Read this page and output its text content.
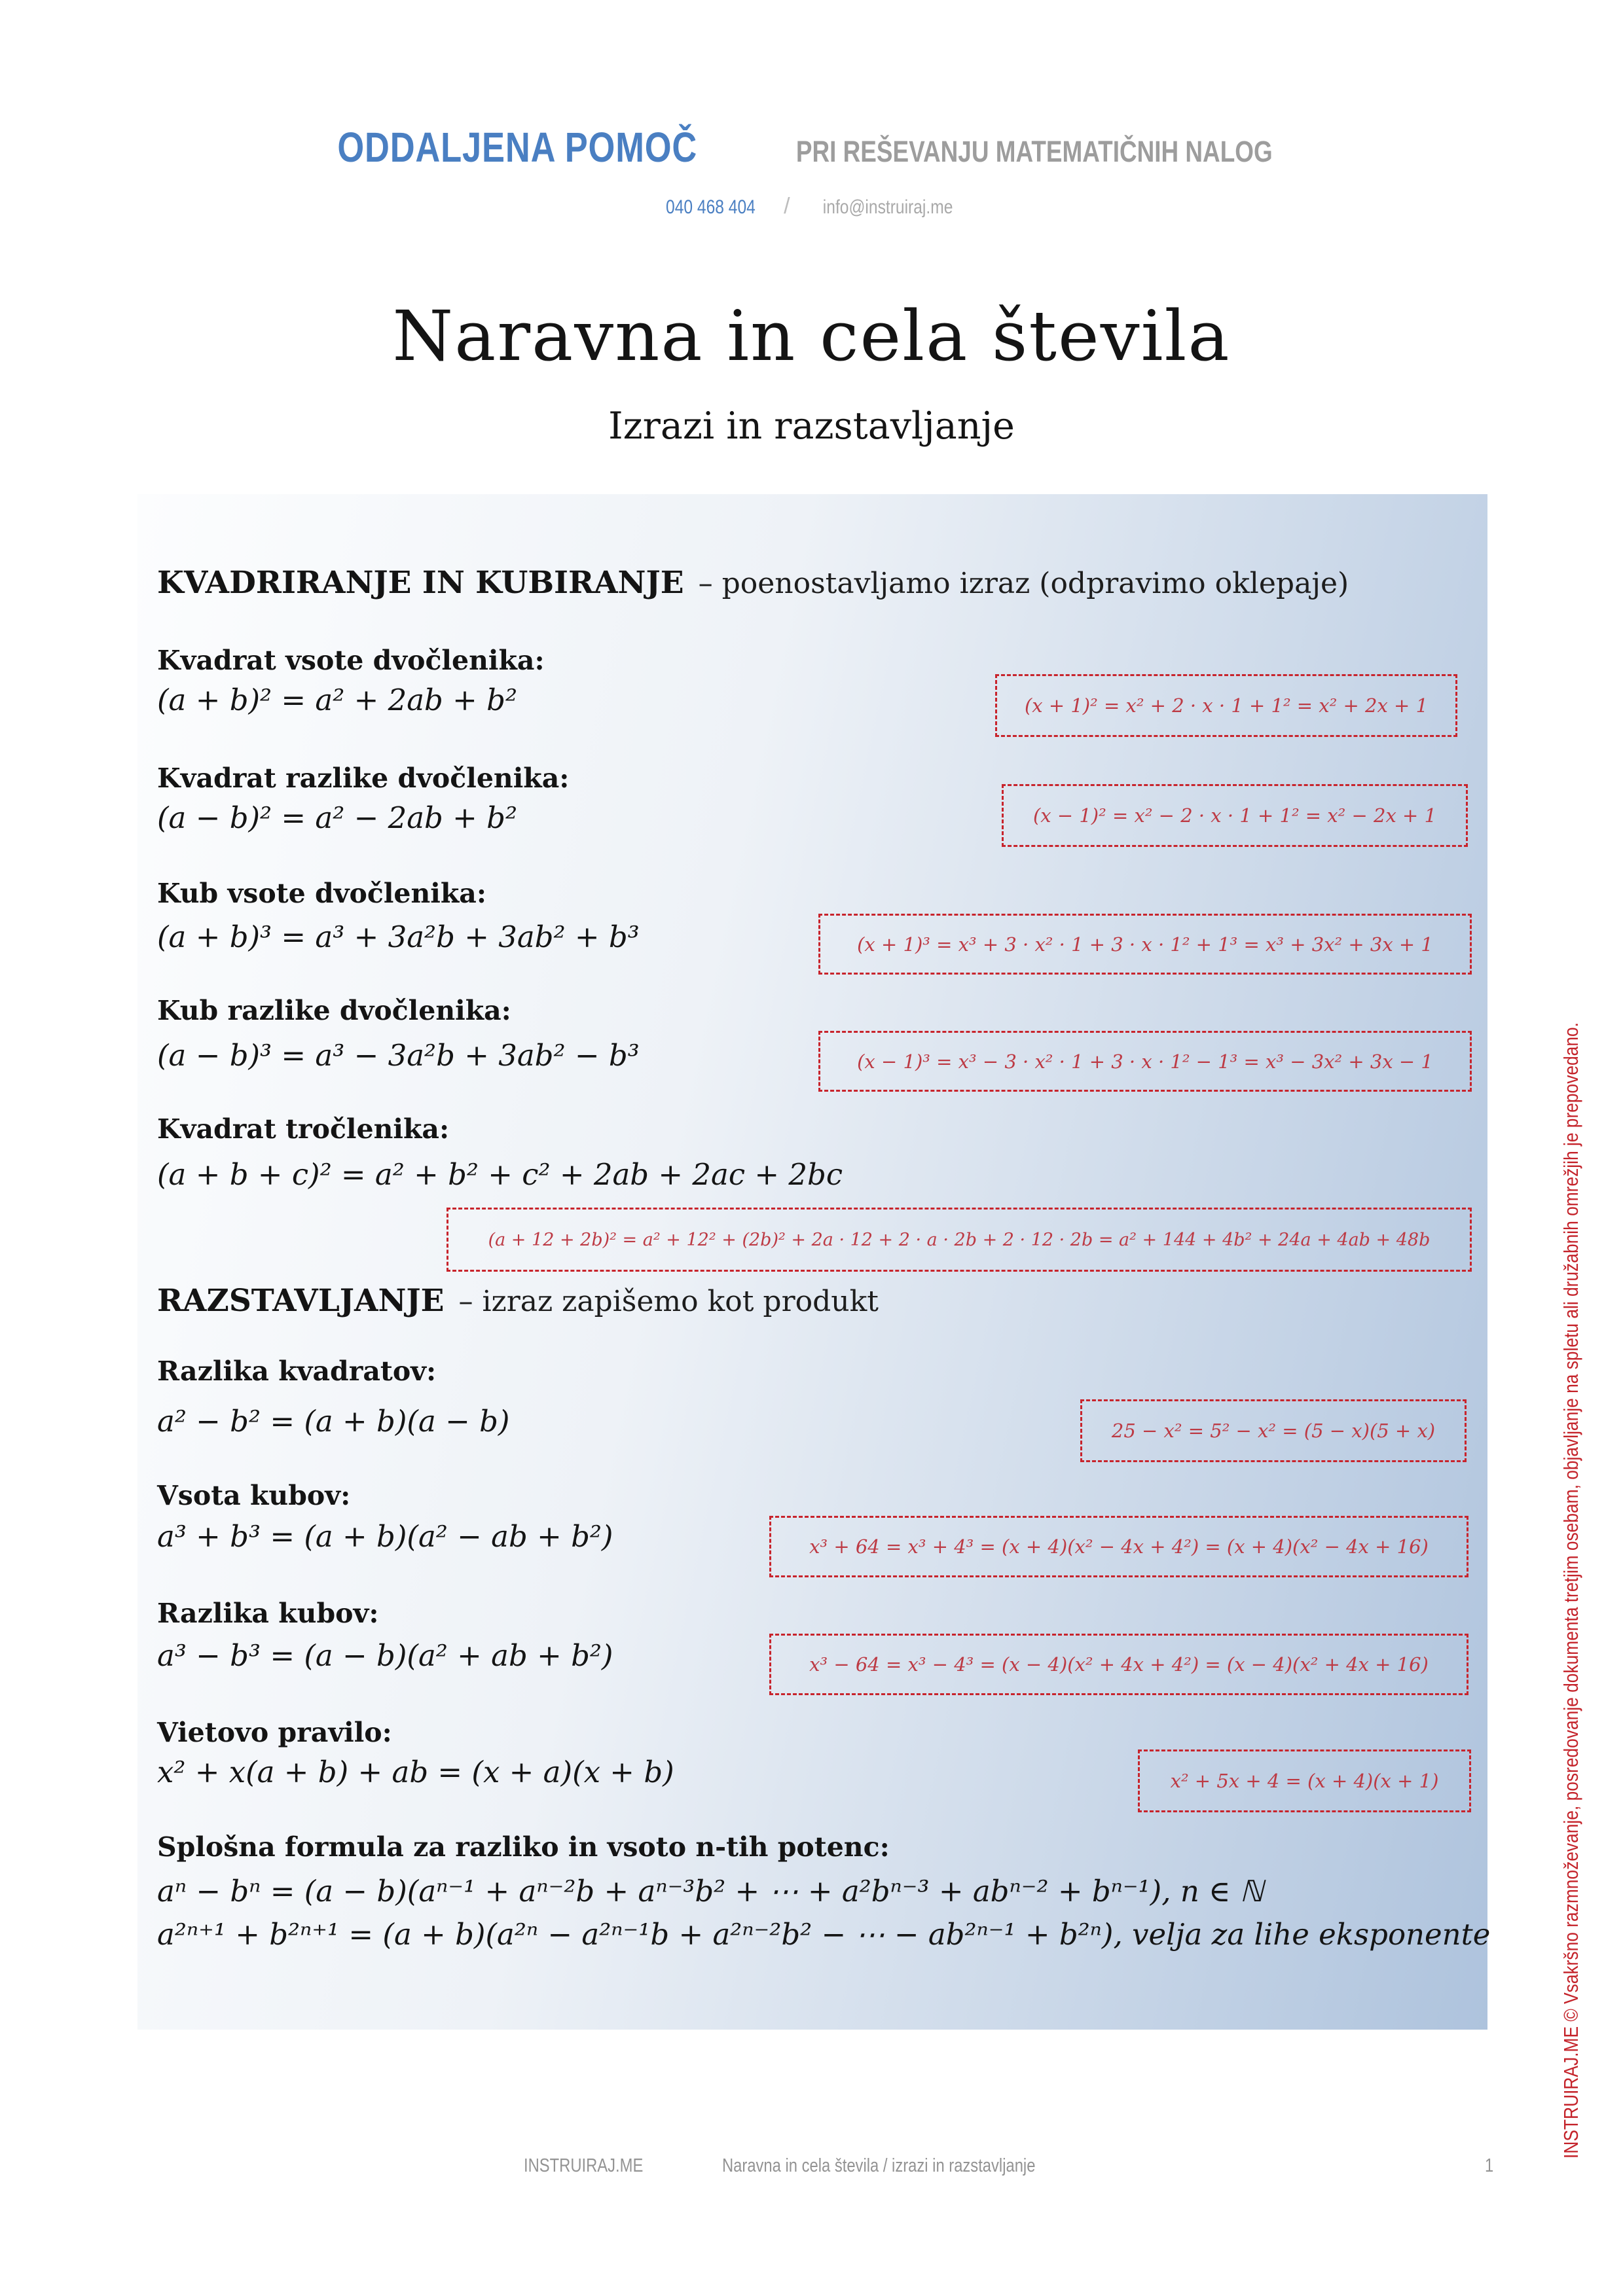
ODDALJENA POMOČ	PRI REŠEVANJU MATEMATIČNIH NALOG
040 468 404 / info@instruiraj.me
Naravna in cela števila
Izrazi in razstavljanje
KVADRIRANJE IN KUBIRANJE – poenostavljamo izraz (odpravimo oklepaje)
Kvadrat vsote dvočlenika:
(a + b)² = a² + 2ab + b²	(x + 1)² = x² + 2 · x · 1 + 1² = x² + 2x + 1
Kvadrat razlike dvočlenika:
(a − b)² = a² − 2ab + b²	(x − 1)² = x² − 2 · x · 1 + 1² = x² − 2x + 1
Kub vsote dvočlenika:
(a + b)³ = a³ + 3a²b + 3ab² + b³	(x + 1)³ = x³ + 3 · x² · 1 + 3 · x · 1² + 1³ = x³ + 3x² + 3x + 1
Kub razlike dvočlenika:
(a − b)³ = a³ − 3a²b + 3ab² − b³	(x − 1)³ = x³ − 3 · x² · 1 + 3 · x · 1² − 1³ = x³ − 3x² + 3x − 1
Kvadrat tročlenika:
(a + b + c)² = a² + b² + c² + 2ab + 2ac + 2bc
(a + 12 + 2b)² = a² + 12² + (2b)² + 2a · 12 + 2 · a · 2b + 2 · 12 · 2b = a² + 144 + 4b² + 24a + 4ab + 48b
RAZSTAVLJANJE – izraz zapišemo kot produkt
Razlika kvadratov:
a² − b² = (a + b)(a − b)	25 − x² = 5² − x² = (5 − x)(5 + x)
Vsota kubov:
a³ + b³ = (a + b)(a² − ab + b²)	x³ + 64 = x³ + 4³ = (x + 4)(x² − 4x + 4²) = (x + 4)(x² − 4x + 16)
Razlika kubov:
a³ − b³ = (a − b)(a² + ab + b²)	x³ − 64 = x³ − 4³ = (x − 4)(x² + 4x + 4²) = (x − 4)(x² + 4x + 16)
Vietovo pravilo:
x² + x(a + b) + ab = (x + a)(x + b)	x² + 5x + 4 = (x + 4)(x + 1)
Splošna formula za razliko in vsoto n-tih potenc:
aⁿ − bⁿ = (a − b)(aⁿ⁻¹ + aⁿ⁻²b + aⁿ⁻³b² + ⋯ + a²bⁿ⁻³ + abⁿ⁻² + bⁿ⁻¹), n ∈ ℕ
a²ⁿ⁺¹ + b²ⁿ⁺¹ = (a + b)(a²ⁿ − a²ⁿ⁻¹b + a²ⁿ⁻²b² − ⋯ − ab²ⁿ⁻¹ + b²ⁿ), velja za lihe eksponente	INSTRUIRAJ.ME © Vsakršno razmnoževanje, posredovanje dokumenta tretjim osebam, objavljanje na spletu ali družabnih omrežjih je prepovedano.
INSTRUIRAJ.ME	Naravna in cela števila / izrazi in razstavljanje	1
